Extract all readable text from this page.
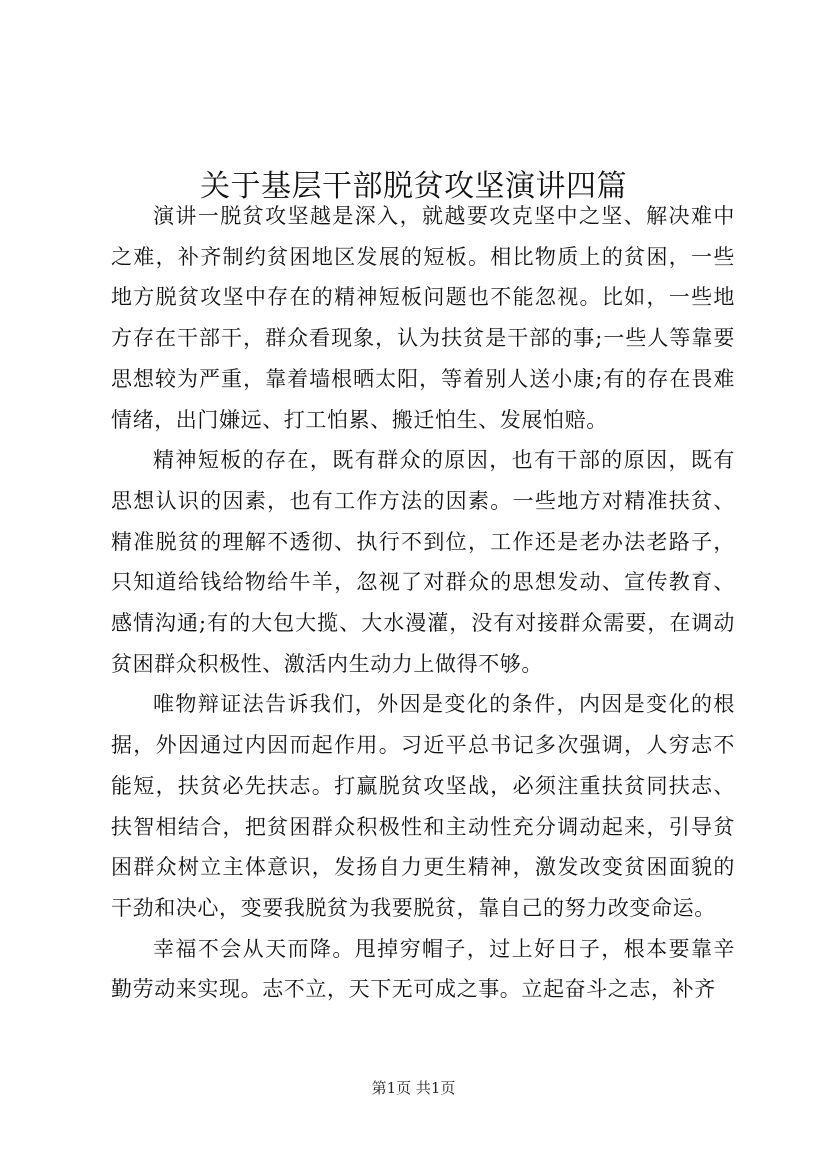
关于基层干部脱贫攻坚演讲四篇

演讲一脱贫攻坚越是深入，就越要攻克坚中之坚、解决难中之难，补齐制约贫困地区发展的短板。相比物质上的贫困，一些地方脱贫攻坚中存在的精神短板问题也不能忽视。比如，一些地方存在干部干，群众看现象，认为扶贫是干部的事;一些人等靠要思想较为严重，靠着墙根晒太阳，等着别人送小康;有的存在畏难情绪，出门嫌远、打工怕累、搬迁怕生、发展怕赔。

精神短板的存在，既有群众的原因，也有干部的原因，既有思想认识的因素，也有工作方法的因素。一些地方对精准扶贫、精准脱贫的理解不透彻、执行不到位，工作还是老办法老路子，只知道给钱给物给牛羊，忽视了对群众的思想发动、宣传教育、感情沟通;有的大包大揽、大水漫灌，没有对接群众需要，在调动贫困群众积极性、激活内生动力上做得不够。

唯物辩证法告诉我们，外因是变化的条件，内因是变化的根据，外因通过内因而起作用。习近平总书记多次强调，人穷志不能短，扶贫必先扶志。打赢脱贫攻坚战，必须注重扶贫同扶志、扶智相结合，把贫困群众积极性和主动性充分调动起来，引导贫困群众树立主体意识，发扬自力更生精神，激发改变贫困面貌的干劲和决心，变要我脱贫为我要脱贫，靠自己的努力改变命运。

幸福不会从天而降。甩掉穷帽子，过上好日子，根本要靠辛勤劳动来实现。志不立，天下无可成之事。立起奋斗之志，补齐

第1页 共1页
